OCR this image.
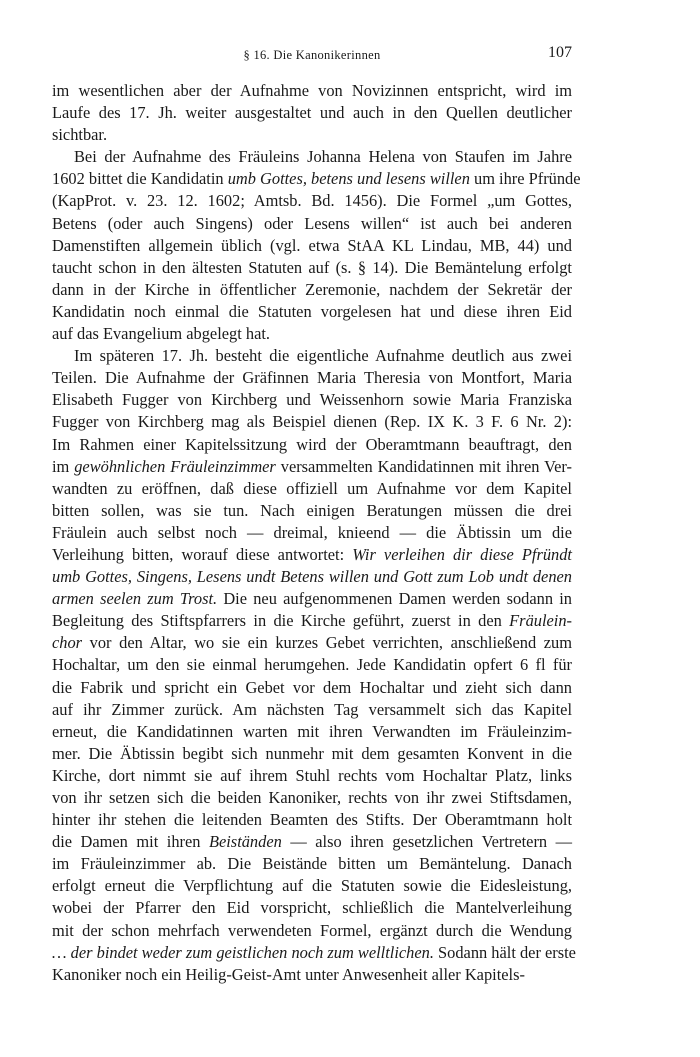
§ 16. Die Kanonikerinnen	107
im wesentlichen aber der Aufnahme von Novizinnen entspricht, wird im
Laufe des 17. Jh. weiter ausgestaltet und auch in den Quellen deutlicher
sichtbar.
Bei der Aufnahme des Fräuleins Johanna Helena von Staufen im Jahre
1602 bittet die Kandidatin umb Gottes, betens und lesens willen um ihre Pfründe
(KapProt. v. 23. 12. 1602; Amtsb. Bd. 1456). Die Formel „um Gottes,
Betens (oder auch Singens) oder Lesens willen“ ist auch bei anderen
Damenstiften allgemein üblich (vgl. etwa StAA KL Lindau, MB, 44) und
taucht schon in den ältesten Statuten auf (s. § 14). Die Bemäntelung erfolgt
dann in der Kirche in öffentlicher Zeremonie, nachdem der Sekretär der
Kandidatin noch einmal die Statuten vorgelesen hat und diese ihren Eid
auf das Evangelium abgelegt hat.
Im späteren 17. Jh. besteht die eigentliche Aufnahme deutlich aus zwei
Teilen. Die Aufnahme der Gräfinnen Maria Theresia von Montfort, Maria
Elisabeth Fugger von Kirchberg und Weissenhorn sowie Maria Franziska
Fugger von Kirchberg mag als Beispiel dienen (Rep. IX K. 3 F. 6 Nr. 2):
Im Rahmen einer Kapitelssitzung wird der Oberamtmann beauftragt, den
im gewöhnlichen Fräuleinzimmer versammelten Kandidatinnen mit ihren Ver-
wandten zu eröffnen, daß diese offiziell um Aufnahme vor dem Kapitel
bitten sollen, was sie tun. Nach einigen Beratungen müssen die drei
Fräulein auch selbst noch — dreimal, knieend — die Äbtissin um die
Verleihung bitten, worauf diese antwortet: Wir verleihen dir diese Pfründt
umb Gottes, Singens, Lesens undt Betens willen und Gott zum Lob undt denen
armen seelen zum Trost. Die neu aufgenommenen Damen werden sodann in
Begleitung des Stiftspfarrers in die Kirche geführt, zuerst in den Fräulein-
chor vor den Altar, wo sie ein kurzes Gebet verrichten, anschließend zum
Hochaltar, um den sie einmal herumgehen. Jede Kandidatin opfert 6 fl für
die Fabrik und spricht ein Gebet vor dem Hochaltar und zieht sich dann
auf ihr Zimmer zurück. Am nächsten Tag versammelt sich das Kapitel
erneut, die Kandidatinnen warten mit ihren Verwandten im Fräuleinzim-
mer. Die Äbtissin begibt sich nunmehr mit dem gesamten Konvent in die
Kirche, dort nimmt sie auf ihrem Stuhl rechts vom Hochaltar Platz, links
von ihr setzen sich die beiden Kanoniker, rechts von ihr zwei Stiftsdamen,
hinter ihr stehen die leitenden Beamten des Stifts. Der Oberamtmann holt
die Damen mit ihren Beiständen — also ihren gesetzlichen Vertretern —
im Fräuleinzimmer ab. Die Beistände bitten um Bemäntelung. Danach
erfolgt erneut die Verpflichtung auf die Statuten sowie die Eidesleistung,
wobei der Pfarrer den Eid vorspricht, schließlich die Mantelverleihung
mit der schon mehrfach verwendeten Formel, ergänzt durch die Wendung
… der bindet weder zum geistlichen noch zum welltlichen. Sodann hält der erste
Kanoniker noch ein Heilig-Geist-Amt unter Anwesenheit aller Kapitels-
